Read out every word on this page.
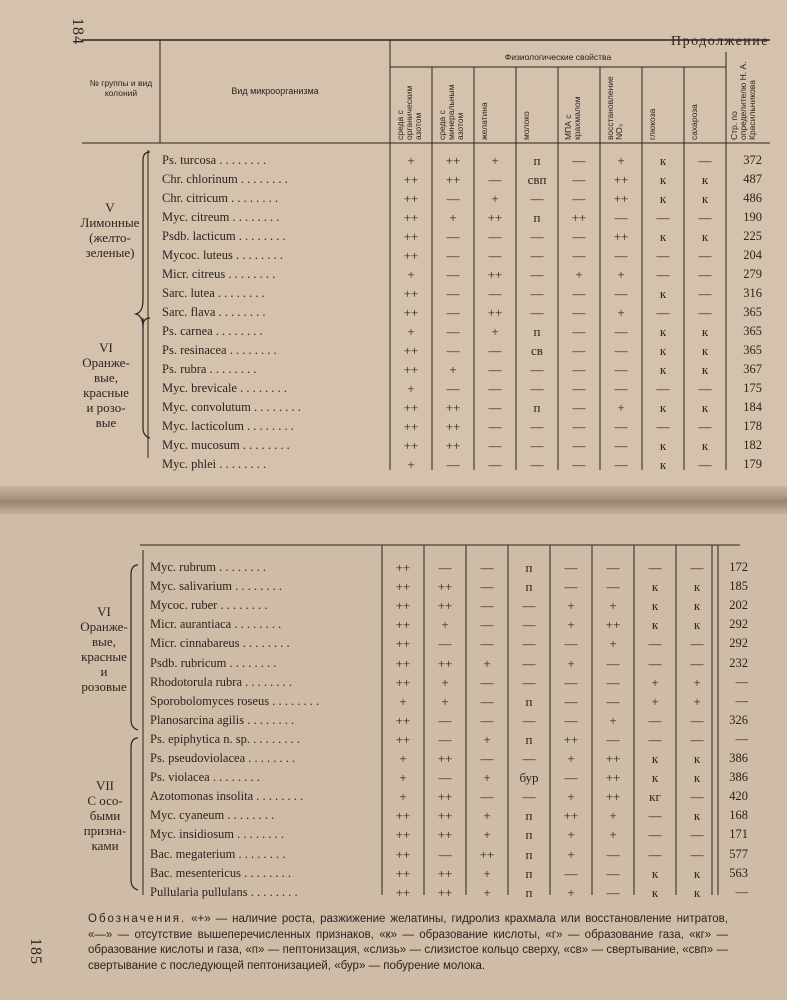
184	Продолжение
№ группы и вид колоний	Вид микроорганизма
Физиологические свойства
среда с органическим азотом	среда с минеральным азотом	желатина	молоко	МПА с крахмалом	восстановление NO₃	глюкоза	сахароза	Стр. по определителю Н. А. Красильникова
V
Лимонные
(желто-
зеленые)
VI
Оранже-
вые,
красные
и розо-
вые
Ps. turcosa . . . . . . . .	+	++	+	п	—	+	к	—	372
Chr. chlorinum . . . . . . . .	++	++	—	свп	—	++	к	к	487
Chr. citricum . . . . . . . .	++	—	+	—	—	++	к	к	486
Myc. citreum . . . . . . . .	++	+	++	п	++	—	—	—	190
Psdb. lacticum . . . . . . . .	++	—	—	—	—	++	к	к	225
Mycoc. luteus . . . . . . . .	++	—	—	—	—	—	—	—	204
Micr. citreus . . . . . . . .	+	—	++	—	+	+	—	—	279
Sarc. lutea . . . . . . . .	++	—	—	—	—	—	к	—	316
Sarc. flava . . . . . . . .	++	—	++	—	—	+	—	—	365
Ps. carnea . . . . . . . .	+	—	+	п	—	—	к	к	365
Ps. resinacea . . . . . . . .	++	—	—	св	—	—	к	к	365
Ps. rubra . . . . . . . .	++	+	—	—	—	—	к	к	367
Myc. brevicale . . . . . . . .	+	—	—	—	—	—	—	—	175
Myc. convolutum . . . . . . . .	++	++	—	п	—	+	к	к	184
Myc. lacticolum . . . . . . . .	++	++	—	—	—	—	—	—	178
Myc. mucosum . . . . . . . .	++	++	—	—	—	—	к	к	182
Myc. phlei . . . . . . . .	+	—	—	—	—	—	к	—	179
185
VI
Оранже-
вые,
красные
и
розовые
VII
С осо-
быми
призна-
ками
Myc. rubrum . . . . . . . .	++	—	—	п	—	—	—	—	172
Myc. salivarium . . . . . . . .	++	++	—	п	—	—	к	к	185
Mycoc. ruber . . . . . . . .	++	++	—	—	+	+	к	к	202
Micr. aurantiaca . . . . . . . .	++	+	—	—	+	++	к	к	292
Micr. cinnabareus . . . . . . . .	++	—	—	—	—	+	—	—	292
Psdb. rubricum . . . . . . . .	++	++	+	—	+	—	—	—	232
Rhodotorula rubra . . . . . . . .	++	+	—	—	—	—	+	+	—
Sporobolomyces roseus . . . . . . . .	+	+	—	п	—	—	+	+	—
Planosarcina agilis . . . . . . . .	++	—	—	—	—	+	—	—	326
Ps. epiphytica n. sp. . . . . . . . .	++	—	+	п	++	—	—	—	—
Ps. pseudoviolacea . . . . . . . .	+	++	—	—	+	++	к	к	386
Ps. violacea . . . . . . . .	+	—	+	бур	—	++	к	к	386
Azotomonas insolita . . . . . . . .	+	++	—	—	+	++	кг	—	420
Myc. cyaneum . . . . . . . .	++	++	+	п	++	+	—	к	168
Myc. insidiosum . . . . . . . .	++	++	+	п	+	+	—	—	171
Bac. megaterium . . . . . . . .	++	—	++	п	+	—	—	—	577
Bac. mesentericus . . . . . . . .	++	++	+	п	—	—	к	к	563
Pullularia pullulans . . . . . . . .	++	++	+	п	+	—	к	к	—
Обозначения. «+» — наличие роста, разжижение желатины, гидролиз крахмала или восстановление нитратов, «—» — отсутствие вышеперечисленных признаков, «к» — образование кислоты, «г» — образование газа, «кг» — образование кислоты и газа, «п» — пептонизация, «слизь» — слизистое кольцо сверху, «св» — свертывание, «свп» — свертывание с последующей пептонизацией, «бур» — побурение молока.
